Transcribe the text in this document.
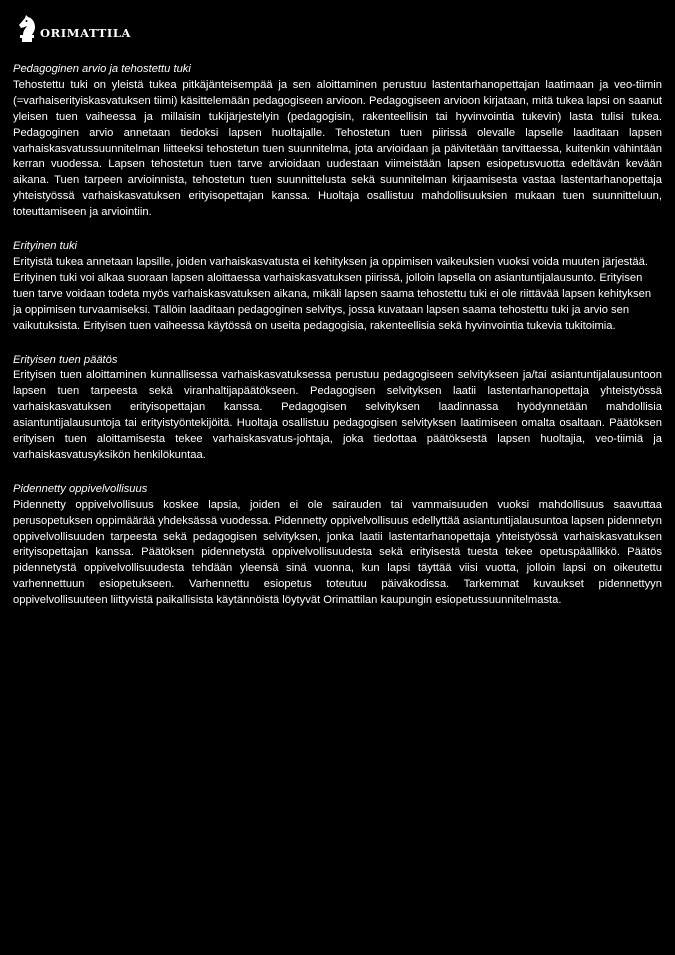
ORIMATTILA

Pedagoginen arvio ja tehostettu tuki

Tehostettu tuki on yleistä tukea pitkäjänteisempää ja sen aloittaminen perustuu lastentarhanopettajan laatimaan ja veo-tiimin (=varhaiserityiskasvatuksen tiimi) käsittelemään pedagogiseen arvioon. Pedagogiseen arvioon kirjataan, mitä tukea lapsi on saanut yleisen tuen vaiheessa ja millaisin tukijärjestelyin (pedagogisin, rakenteellisin tai hyvinvointia tukevin) lasta tulisi tukea. Pedagoginen arvio annetaan tiedoksi lapsen huoltajalle. Tehostetun tuen piirissä olevalle lapselle laaditaan lapsen varhaiskasvatussuunnitelman liitteeksi tehostetun tuen suunnitelma, jota arvioidaan ja päivitetään tarvittaessa, kuitenkin vähintään kerran vuodessa. Lapsen tehostetun tuen tarve arvioidaan uudestaan viimeistään lapsen esiopetusvuotta edeltävän kevään aikana. Tuen tarpeen arvioinnista, tehostetun tuen suunnittelusta sekä suunnitelman kirjaamisesta vastaa lastentarhanopettaja yhteistyössä varhaiskasvatuksen erityisopettajan kanssa. Huoltaja osallistuu mahdollisuuksien mukaan tuen suunnitteluun, toteuttamiseen ja arviointiin.

Erityinen tuki

Erityistä tukea annetaan lapsille, joiden varhaiskasvatusta ei kehityksen ja oppimisen vaikeuksien vuoksi voida muuten järjestää. Erityinen tuki voi alkaa suoraan lapsen aloittaessa varhaiskasvatuksen piirissä, jolloin lapsella on asiantuntijalausunto. Erityisen tuen tarve voidaan todeta myös varhaiskasvatuksen aikana, mikäli lapsen saama tehostettu tuki ei ole riittävää lapsen kehityksen ja oppimisen turvaamiseksi. Tällöin laaditaan pedagoginen selvitys, jossa kuvataan lapsen saama tehostettu tuki ja arvio sen vaikutuksista. Erityisen tuen vaiheessa käytössä on useita pedagogisia, rakenteellisia sekä hyvinvointia tukevia tukitoimia.

Erityisen tuen päätös

Erityisen tuen aloittaminen kunnallisessa varhaiskasvatuksessa perustuu pedagogiseen selvitykseen ja/tai asiantuntijalausuntoon lapsen tuen tarpeesta sekä viranhaltijapäätökseen. Pedagogisen selvityksen laatii lastentarhanopettaja yhteistyössä varhaiskasvatuksen erityisopettajan kanssa. Pedagogisen selvityksen laadinnassa hyödynnetään mahdollisia asiantuntijalausuntoja tai erityistyöntekijöitä. Huoltaja osallistuu pedagogisen selvityksen laatimiseen omalta osaltaan. Päätöksen erityisen tuen aloittamisesta tekee varhaiskasvatus-johtaja, joka tiedottaa päätöksestä lapsen huoltajia, veo-tiimiä ja varhaiskasvatusyksikön henkilökuntaa.

Pidennetty oppivelvollisuus

Pidennetty oppivelvollisuus koskee lapsia, joiden ei ole sairauden tai vammaisuuden vuoksi mahdollisuus saavuttaa perusopetuksen oppimäärää yhdeksässä vuodessa. Pidennetty oppivelvollisuus edellyttää asiantuntijalausuntoa lapsen pidennetyn oppivelvollisuuden tarpeesta sekä pedagogisen selvityksen, jonka laatii lastentarhanopettaja yhteistyössä varhaiskasvatuksen erityisopettajan kanssa. Päätöksen pidennetystä oppivelvollisuudesta sekä erityisestä tuesta tekee opetuspäällikkö. Päätös pidennetystä oppivelvollisuudesta tehdään yleensä sinä vuonna, kun lapsi täyttää viisi vuotta, jolloin lapsi on oikeutettu varhennettuun esiopetukseen. Varhennettu esiopetus toteutuu päiväkodissa. Tarkemmat kuvaukset pidennettyyn oppivelvollisuuteen liittyvistä paikallisista käytännöistä löytyvät Orimattilan kaupungin esiopetussuunnitelmasta.
